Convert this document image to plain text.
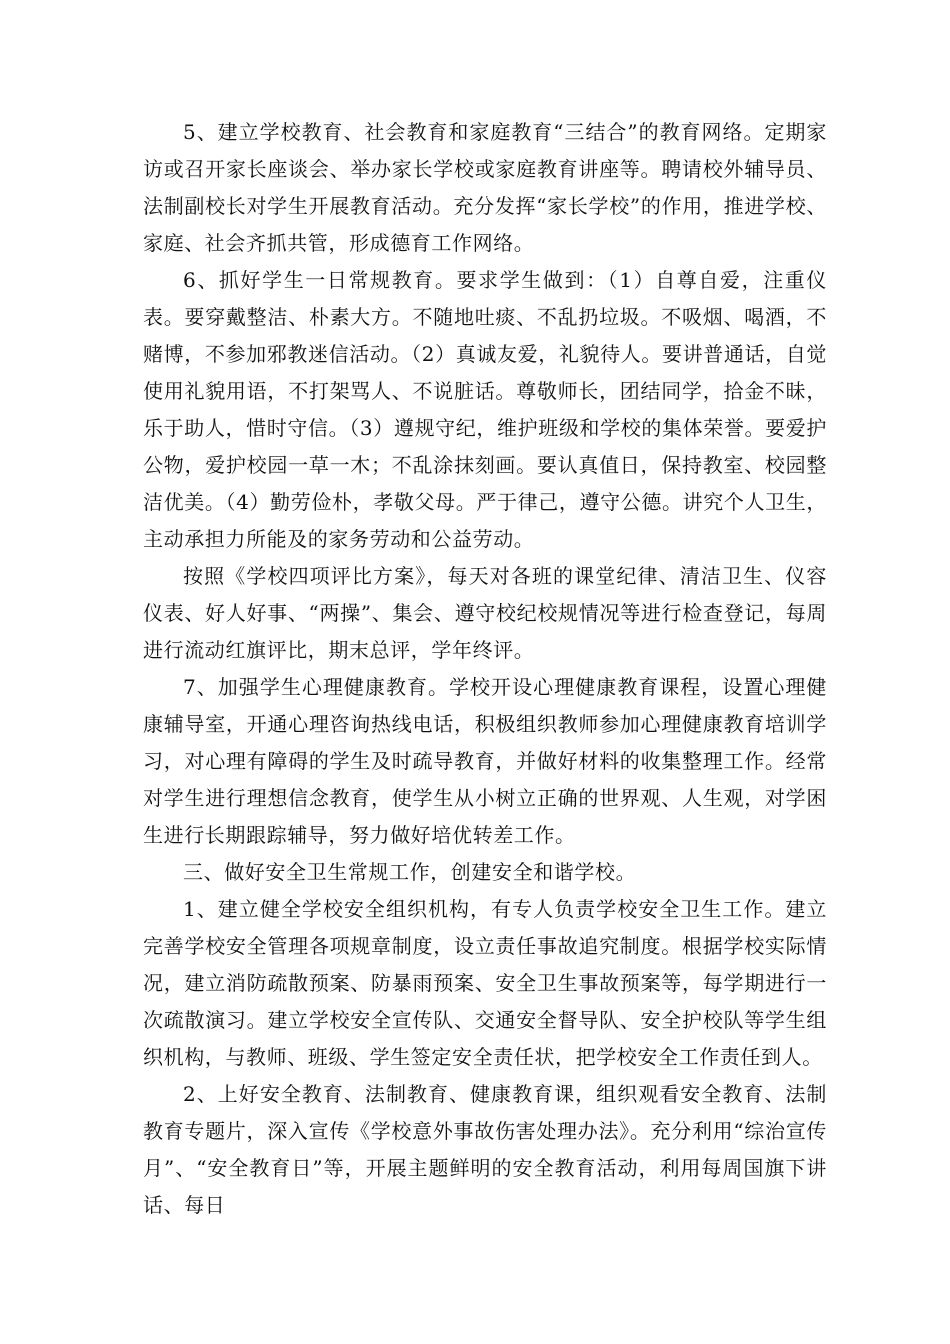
5、建立学校教育、社会教育和家庭教育“三结合”的教育网络。定期家访或召开家长座谈会、举办家长学校或家庭教育讲座等。聘请校外辅导员、法制副校长对学生开展教育活动。充分发挥“家长学校”的作用，推进学校、家庭、社会齐抓共管，形成德育工作网络。

6、抓好学生一日常规教育。要求学生做到：（1）自尊自爱，注重仪表。要穿戴整洁、朴素大方。不随地吐痰、不乱扔垃圾。不吸烟、喝酒，不赌博，不参加邪教迷信活动。（2）真诚友爱，礼貌待人。要讲普通话，自觉使用礼貌用语，不打架骂人、不说脏话。尊敬师长，团结同学，拾金不昧，乐于助人，惜时守信。（3）遵规守纪，维护班级和学校的集体荣誉。要爱护公物，爱护校园一草一木；不乱涂抹刻画。要认真值日，保持教室、校园整洁优美。（4）勤劳俭朴，孝敬父母。严于律己，遵守公德。讲究个人卫生，主动承担力所能及的家务劳动和公益劳动。

按照《学校四项评比方案》，每天对各班的课堂纪律、清洁卫生、仪容仪表、好人好事、“两操”、集会、遵守校纪校规情况等进行检查登记，每周进行流动红旗评比，期末总评，学年终评。

7、加强学生心理健康教育。学校开设心理健康教育课程，设置心理健康辅导室，开通心理咨询热线电话，积极组织教师参加心理健康教育培训学习，对心理有障碍的学生及时疏导教育，并做好材料的收集整理工作。经常对学生进行理想信念教育，使学生从小树立正确的世界观、人生观，对学困生进行长期跟踪辅导，努力做好培优转差工作。

三、做好安全卫生常规工作，创建安全和谐学校。

1、建立健全学校安全组织机构，有专人负责学校安全卫生工作。建立完善学校安全管理各项规章制度，设立责任事故追究制度。根据学校实际情况，建立消防疏散预案、防暴雨预案、安全卫生事故预案等，每学期进行一次疏散演习。建立学校安全宣传队、交通安全督导队、安全护校队等学生组织机构，与教师、班级、学生签定安全责任状，把学校安全工作责任到人。

2、上好安全教育、法制教育、健康教育课，组织观看安全教育、法制教育专题片，深入宣传《学校意外事故伤害处理办法》。充分利用“综治宣传月”、“安全教育日”等，开展主题鲜明的安全教育活动，利用每周国旗下讲话、每日
